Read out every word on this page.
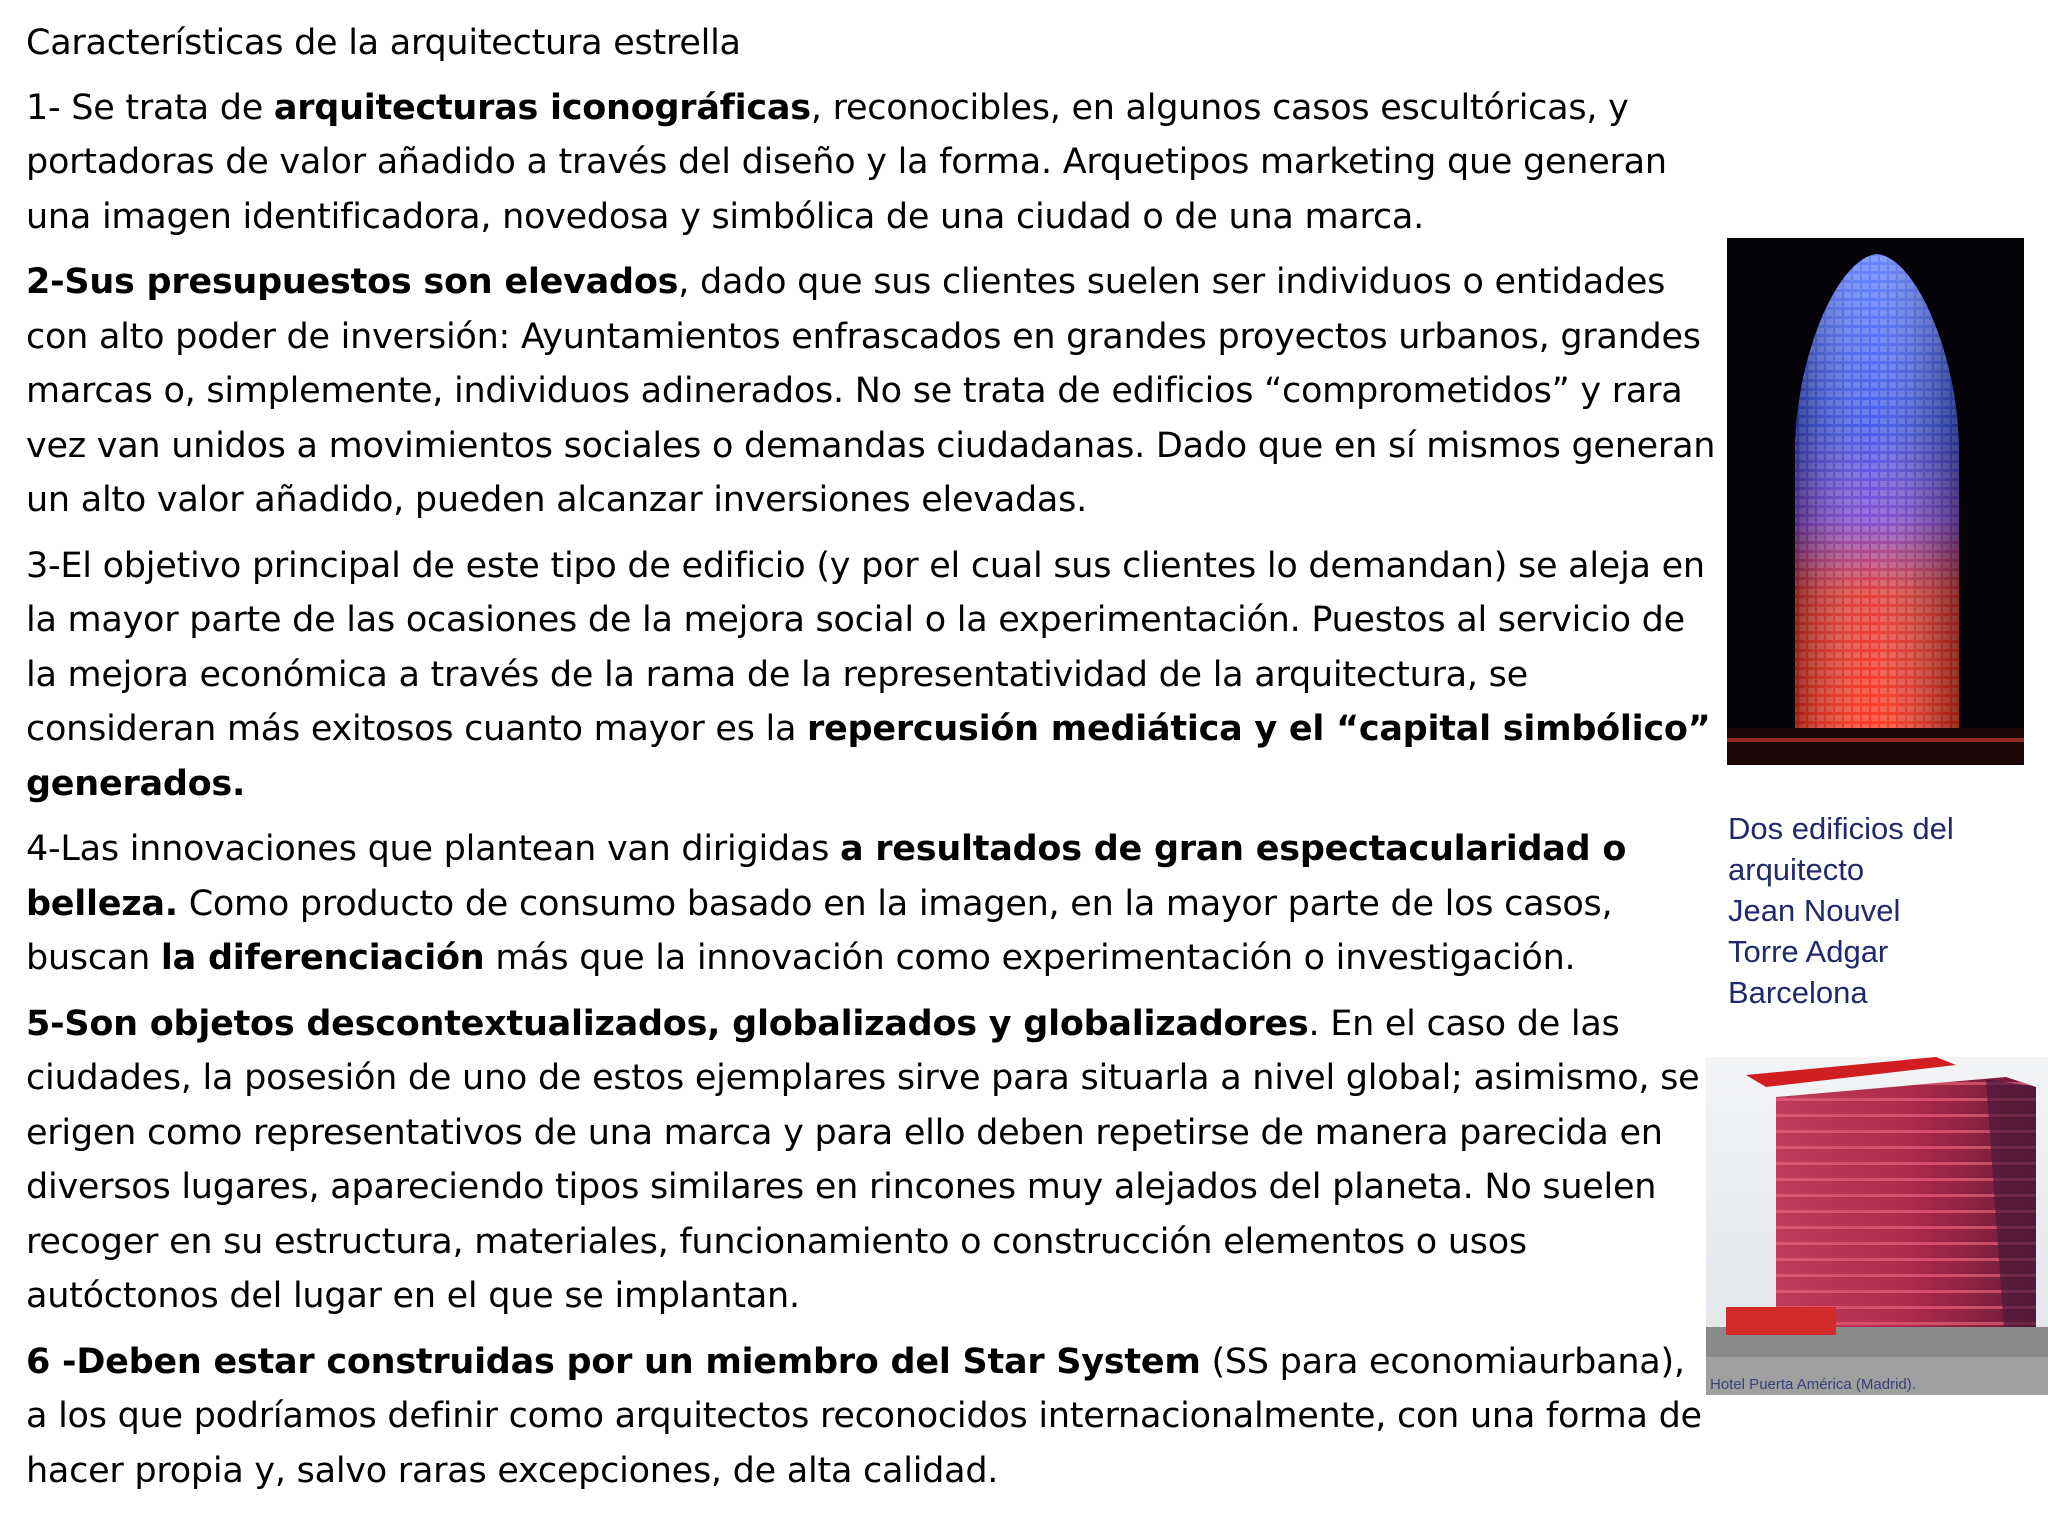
Características de la arquitectura estrella
1- Se trata de arquitecturas iconográficas, reconocibles, en algunos casos escultóricas, y portadoras de valor añadido a través del diseño y la forma. Arquetipos marketing que generan una imagen identificadora, novedosa y simbólica de una ciudad o de una marca.
2-Sus presupuestos son elevados, dado que sus clientes suelen ser individuos o entidades con alto poder de inversión: Ayuntamientos enfrascados en grandes proyectos urbanos, grandes marcas o, simplemente, individuos adinerados. No se trata de edificios “comprometidos” y rara vez van unidos a movimientos sociales o demandas ciudadanas. Dado que en sí mismos generan un alto valor añadido, pueden alcanzar inversiones elevadas.
3-El objetivo principal de este tipo de edificio (y por el cual sus clientes lo demandan) se aleja en la mayor parte de las ocasiones de la mejora social o la experimentación. Puestos al servicio de la mejora económica a través de la rama de la representatividad de la arquitectura, se consideran más exitosos cuanto mayor es la repercusión mediática y el “capital simbólico” generados.
4-Las innovaciones que plantean van dirigidas a resultados de gran espectacularidad o belleza. Como producto de consumo basado en la imagen, en la mayor parte de los casos, buscan la diferenciación más que la innovación como experimentación o investigación.
5-Son objetos descontextualizados, globalizados y globalizadores. En el caso de las ciudades, la posesión de uno de estos ejemplares sirve para situarla a nivel global; asimismo, se erigen como representativos de una marca y para ello deben repetirse de manera parecida en diversos lugares, apareciendo tipos similares en rincones muy alejados del planeta. No suelen recoger en su estructura, materiales, funcionamiento o construcción elementos o usos autóctonos del lugar en el que se implantan.
6 -Deben estar construidas por un miembro del Star System (SS para economiaurbana), a los que podríamos definir como arquitectos reconocidos internacionalmente, con una forma de hacer propia y, salvo raras excepciones, de alta calidad.
Dos edificios del
arquitecto
Jean Nouvel
Torre Adgar
Barcelona
Hotel Puerta América (Madrid).
